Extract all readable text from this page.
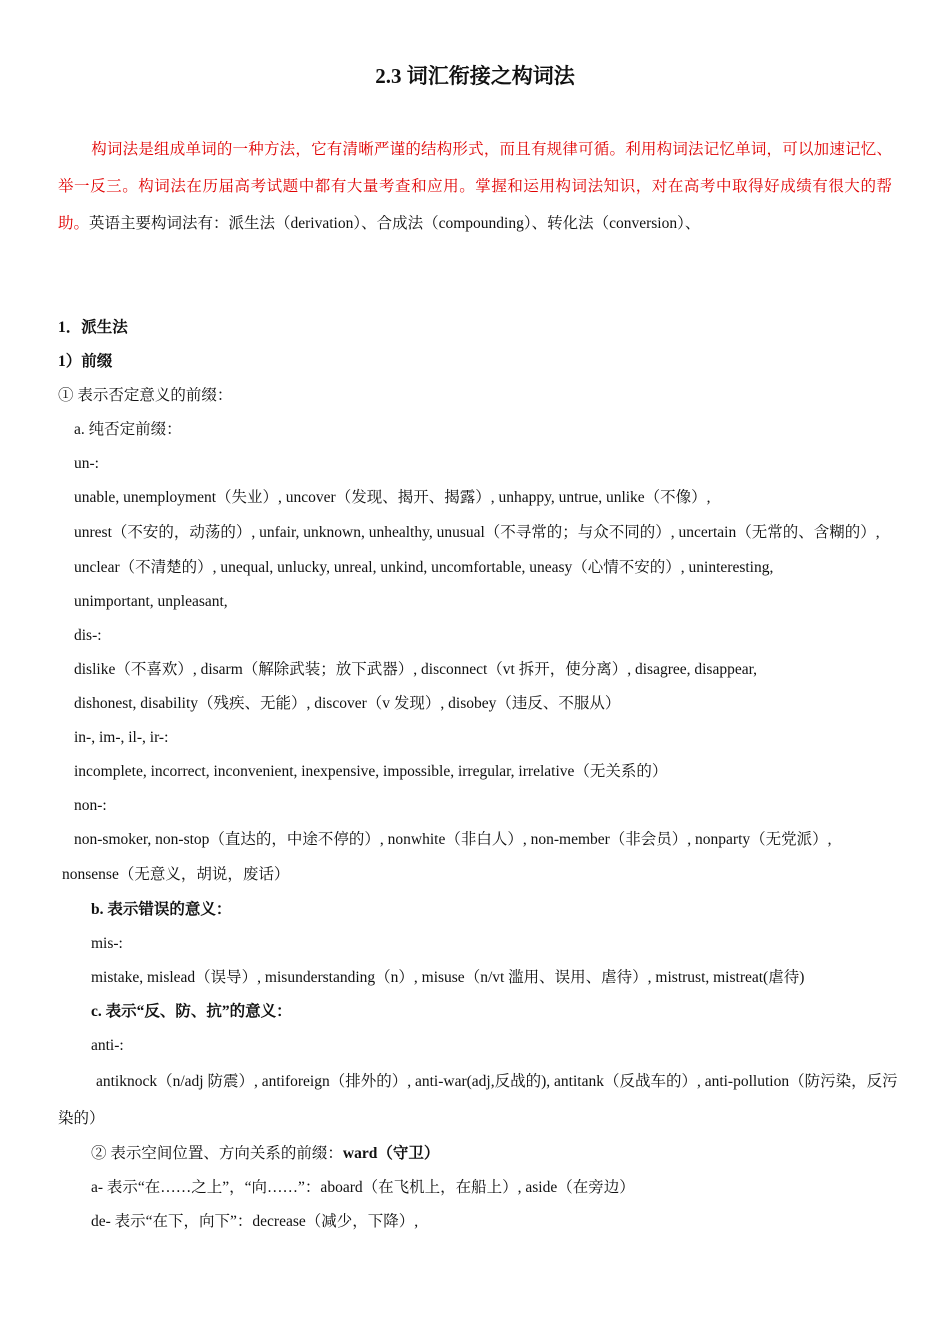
2.3 词汇衔接之构词法

构词法是组成单词的一种方法，它有清晰严谨的结构形式，而且有规律可循。利用构词法记忆单词，可以加速记忆、举一反三。构词法在历届高考试题中都有大量考查和应用。掌握和运用构词法知识，对在高考中取得好成绩有很大的帮助。英语主要构词法有：派生法（derivation）、合成法（compounding）、转化法（conversion）、

1．派生法

1）前缀

① 表示否定意义的前缀：

a. 纯否定前缀：

un-:

unable, unemployment（失业）, uncover（发现、揭开、揭露）, unhappy, untrue, unlike（不像）,

unrest（不安的，动荡的）, unfair, unknown, unhealthy, unusual（不寻常的；与众不同的）, uncertain（无常的、含糊的）,

unclear（不清楚的）, unequal, unlucky, unreal, unkind, uncomfortable, uneasy（心情不安的）, uninteresting,

unimportant, unpleasant,

dis-:

dislike（不喜欢）, disarm（解除武装；放下武器）, disconnect（vt 拆开，使分离）, disagree, disappear,

dishonest, disability（残疾、无能）, discover（v 发现）, disobey（违反、不服从）

in-, im-, il-, ir-:

incomplete, incorrect, inconvenient, inexpensive, impossible, irregular, irrelative（无关系的）

non-:

non-smoker, non-stop（直达的，中途不停的）, nonwhite（非白人）, non-member（非会员）, nonparty（无党派）,

nonsense（无意义，胡说，废话）

b. 表示错误的意义：

mis-:

mistake, mislead（误导）, misunderstanding（n）, misuse（n/vt 滥用、误用、虐待）, mistrust, mistreat(虐待)

c. 表示“反、防、抗”的意义：

anti-:

antiknock（n/adj 防震）, antiforeign（排外的）, anti-war(adj,反战的), antitank（反战车的）, anti-pollution（防污染，反污染的）

② 表示空间位置、方向关系的前缀：ward（守卫）

a- 表示“在……之上”，“向……”：aboard（在飞机上，在船上）, aside（在旁边）

de- 表示“在下，向下”：decrease（减少，下降）,
